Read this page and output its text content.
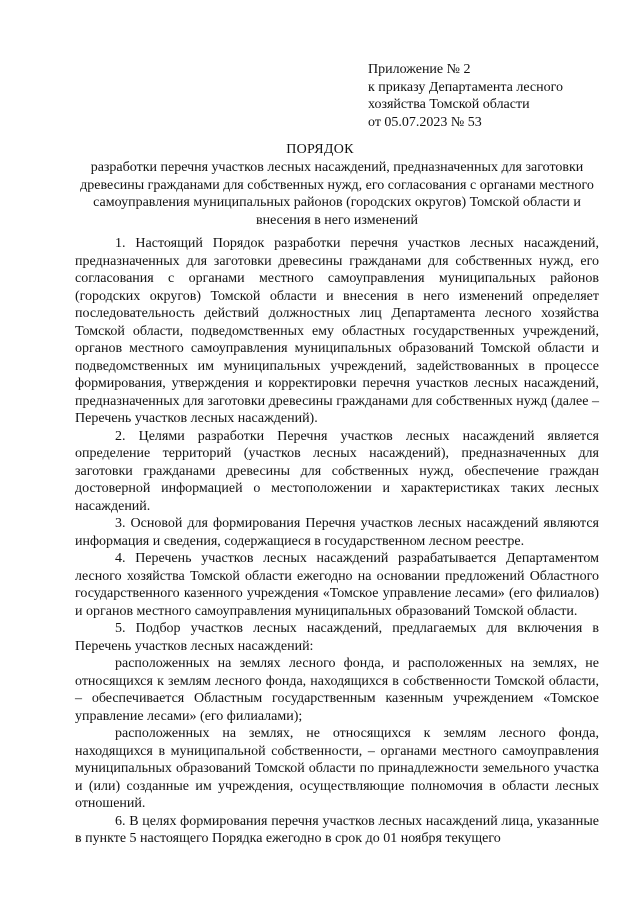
Приложение № 2
к приказу Департамента лесного
хозяйства Томской области
от 05.07.2023 № 53
ПОРЯДОК
разработки перечня участков лесных насаждений, предназначенных для заготовки древесины гражданами для собственных нужд, его согласования с органами местного самоуправления муниципальных районов (городских округов) Томской области и внесения в него изменений

1. Настоящий Порядок разработки перечня участков лесных насаждений, предназначенных для заготовки древесины гражданами для собственных нужд, его согласования с органами местного самоуправления муниципальных районов (городских округов) Томской области и внесения в него изменений определяет последовательность действий должностных лиц Департамента лесного хозяйства Томской области, подведомственных ему областных государственных учреждений, органов местного самоуправления муниципальных образований Томской области и подведомственных им муниципальных учреждений, задействованных в процессе формирования, утверждения и корректировки перечня участков лесных насаждений, предназначенных для заготовки древесины гражданами для собственных нужд (далее – Перечень участков лесных насаждений).

2. Целями разработки Перечня участков лесных насаждений является определение территорий (участков лесных насаждений), предназначенных для заготовки гражданами древесины для собственных нужд, обеспечение граждан достоверной информацией о местоположении и характеристиках таких лесных насаждений.

3. Основой для формирования Перечня участков лесных насаждений являются информация и сведения, содержащиеся в государственном лесном реестре.

4. Перечень участков лесных насаждений разрабатывается Департаментом лесного хозяйства Томской области ежегодно на основании предложений Областного государственного казенного учреждения «Томское управление лесами» (его филиалов) и органов местного самоуправления муниципальных образований Томской области.

5. Подбор участков лесных насаждений, предлагаемых для включения в Перечень участков лесных насаждений:

расположенных на землях лесного фонда, и расположенных на землях, не относящихся к землям лесного фонда, находящихся в собственности Томской области, – обеспечивается Областным государственным казенным учреждением «Томское управление лесами» (его филиалами);

расположенных на землях, не относящихся к землям лесного фонда, находящихся в муниципальной собственности, – органами местного самоуправления муниципальных образований Томской области по принадлежности земельного участка и (или) созданные им учреждения, осуществляющие полномочия в области лесных отношений.

6. В целях формирования перечня участков лесных насаждений лица, указанные в пункте 5 настоящего Порядка ежегодно в срок до 01 ноября текущего
